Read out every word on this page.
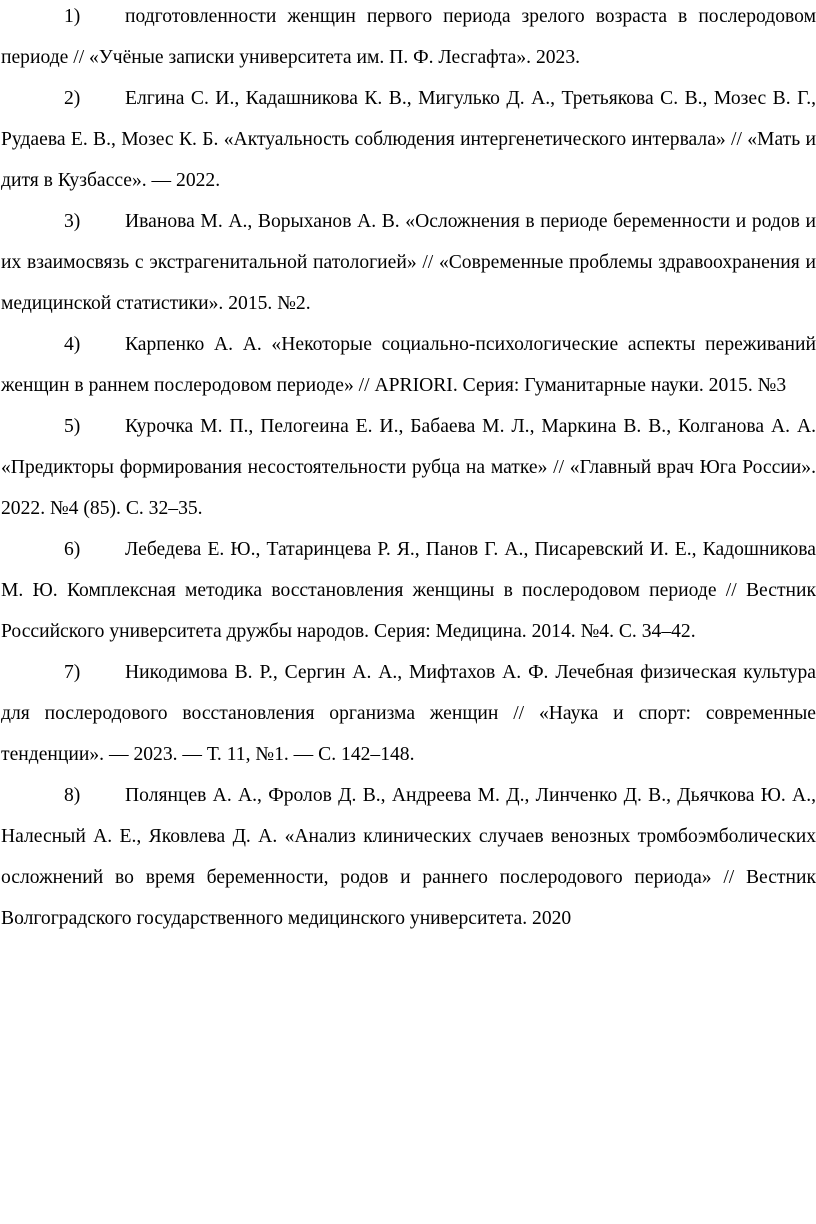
1) подготовленности женщин первого периода зрелого возраста в послеродовом периоде // «Учёные записки университета им. П. Ф. Лесгафта». 2023.
2) Елгина С. И., Кадашникова К. В., Мигулько Д. А., Третьякова С. В., Мозес В. Г., Рудаева Е. В., Мозес К. Б. «Актуальность соблюдения интергенетического интервала» // «Мать и дитя в Кузбассе». — 2022.
3) Иванова М. А., Ворыханов А. В. «Осложнения в периоде беременности и родов и их взаимосвязь с экстрагенитальной патологией» // «Современные проблемы здравоохранения и медицинской статистики». 2015. №2.
4) Карпенко А. А. «Некоторые социально-психологические аспекты переживаний женщин в раннем послеродовом периоде» // APRIORI. Серия: Гуманитарные науки. 2015. №3
5) Курочка М. П., Пелогеина Е. И., Бабаева М. Л., Маркина В. В., Колганова А. А. «Предикторы формирования несостоятельности рубца на матке» // «Главный врач Юга России». 2022. №4 (85). С. 32–35.
6) Лебедева Е. Ю., Татаринцева Р. Я., Панов Г. А., Писаревский И. Е., Кадошникова М. Ю. Комплексная методика восстановления женщины в послеродовом периоде // Вестник Российского университета дружбы народов. Серия: Медицина. 2014. №4. С. 34–42.
7) Никодимова В. Р., Сергин А. А., Мифтахов А. Ф. Лечебная физическая культура для послеродового восстановления организма женщин // «Наука и спорт: современные тенденции». — 2023. — Т. 11, №1. — С. 142–148.
8) Полянцев А. А., Фролов Д. В., Андреева М. Д., Линченко Д. В., Дьячкова Ю. А., Налесный А. Е., Яковлева Д. А. «Анализ клинических случаев венозных тромбоэмболических осложнений во время беременности, родов и раннего послеродового периода» // Вестник Волгоградского государственного медицинского университета. 2020
